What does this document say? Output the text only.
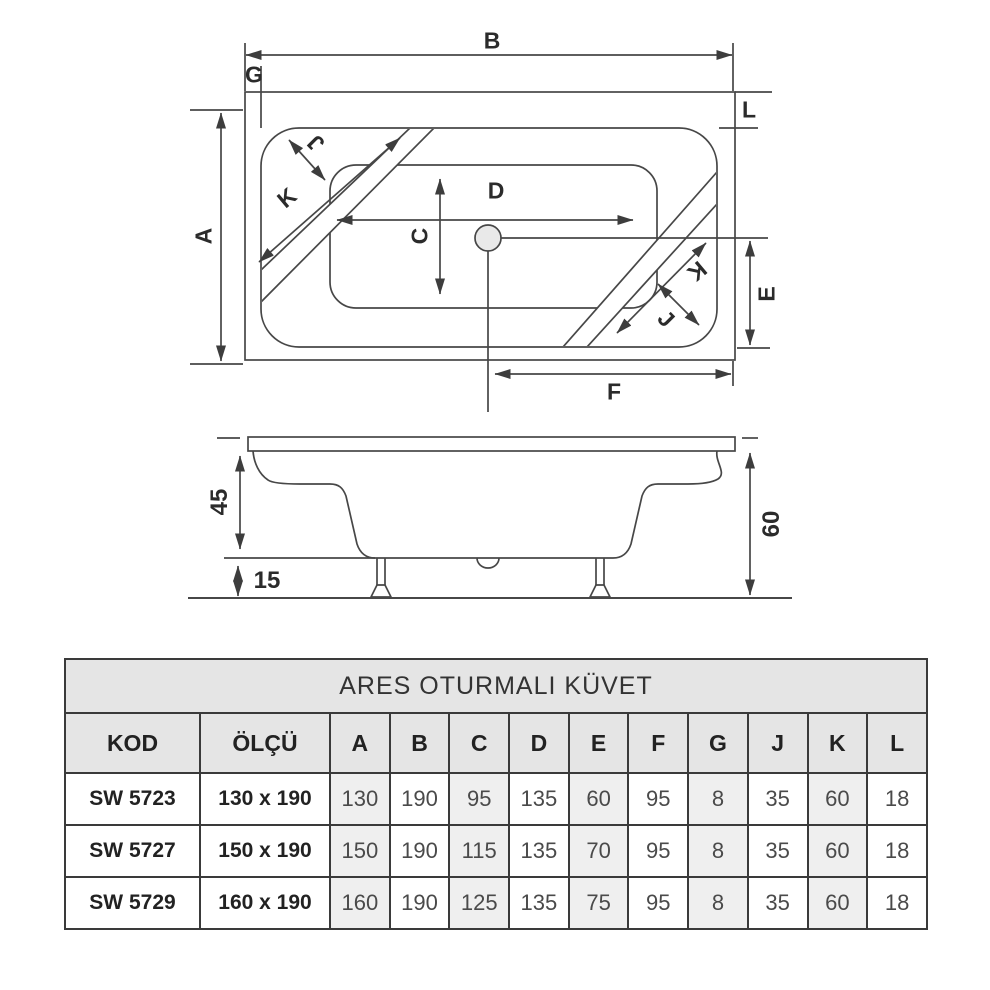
B
G
L
A
D
C
K
J
K
J
E
F
45
15
60
ARES OTURMALI KÜVET											
KOD	ÖLÇÜ	A	B	C	D	E	F	G	J	K	L
SW 5723	130 x 190	130	190	95	135	60	95	8	35	60	18
SW 5727	150 x 190	150	190	115	135	70	95	8	35	60	18
SW 5729	160 x 190	160	190	125	135	75	95	8	35	60	18
